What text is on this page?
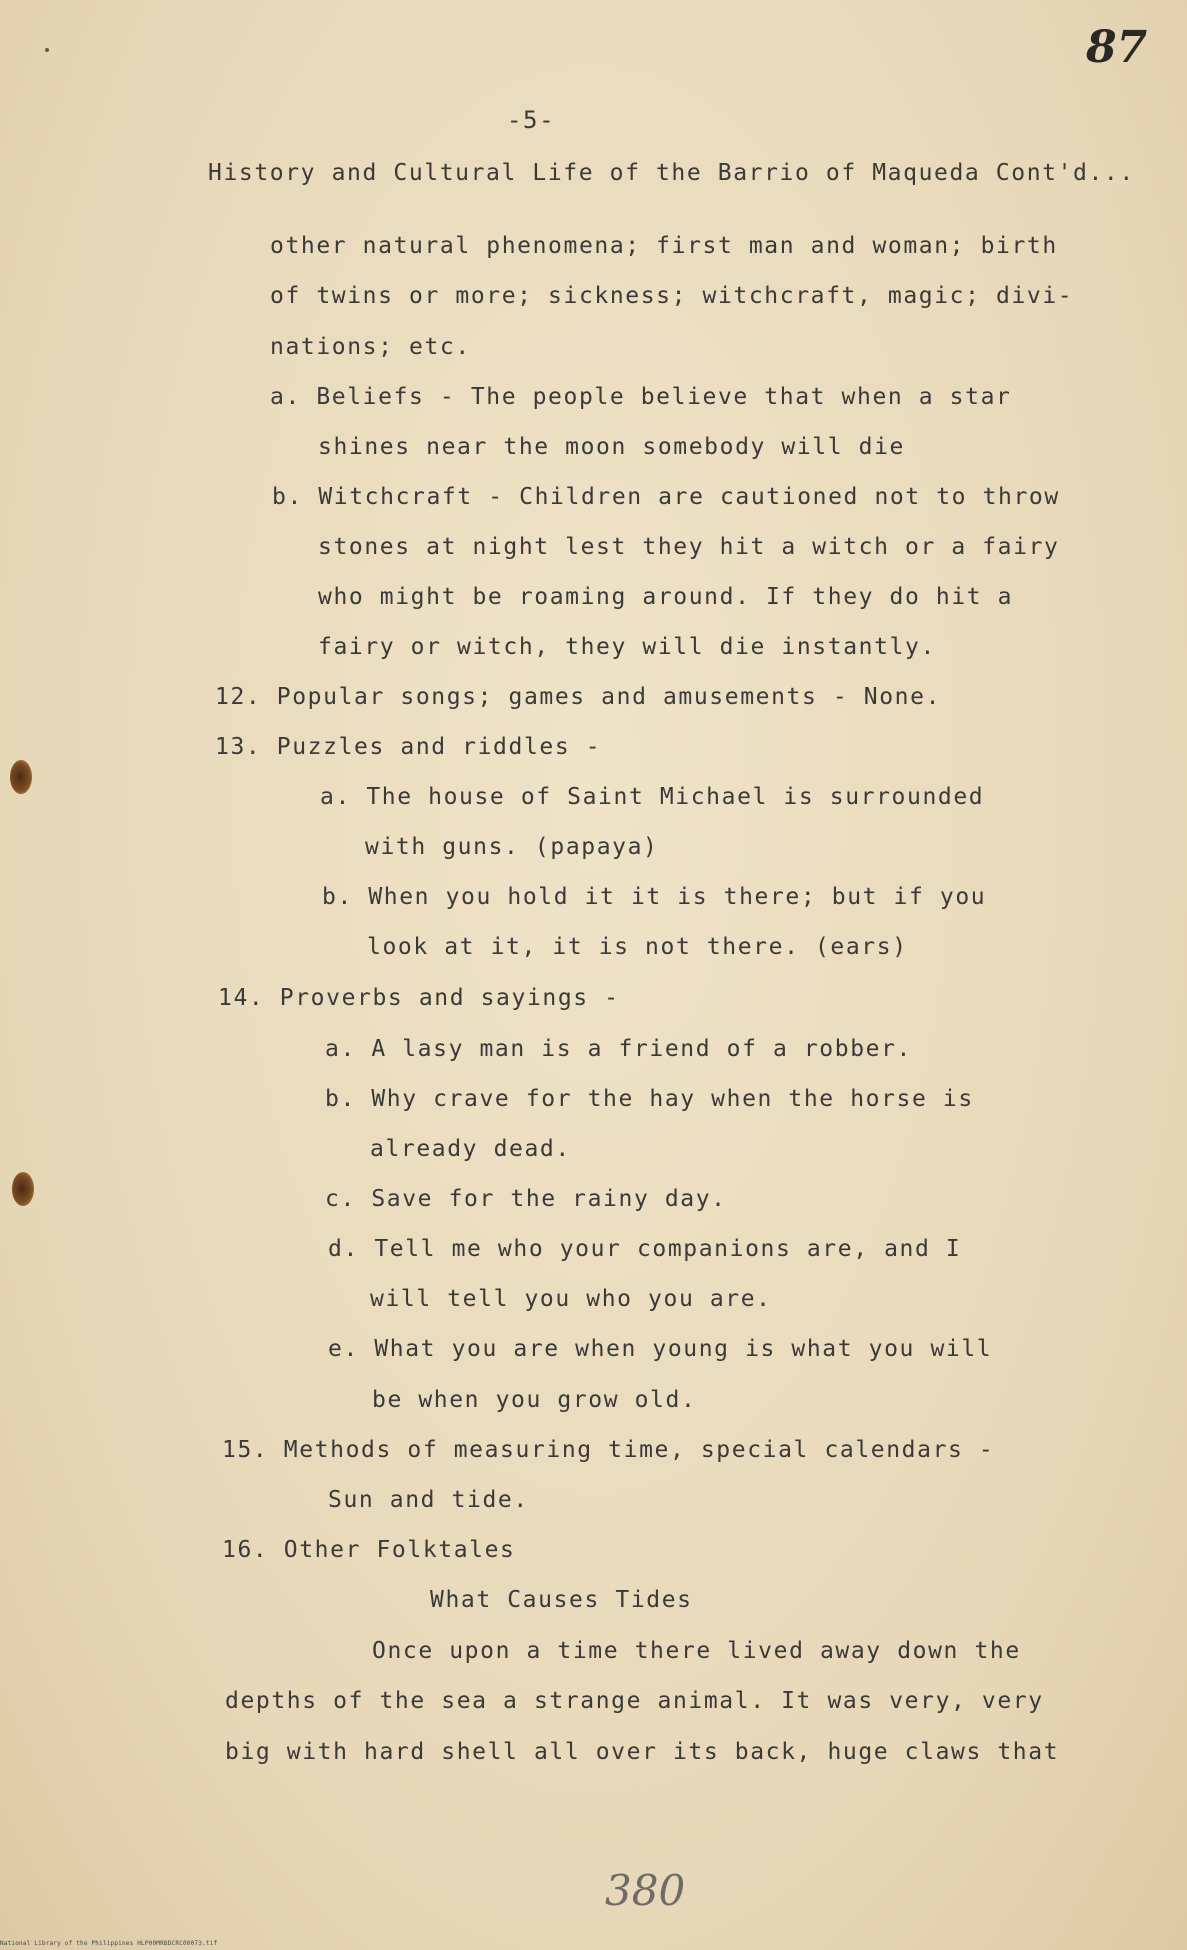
87
-5-
History and Cultural Life of the Barrio of Maqueda Cont'd...
other natural phenomena; first man and woman; birth
of twins or more; sickness; witchcraft, magic; divi-
nations; etc.
a. Beliefs - The people believe that when a star
shines near the moon somebody will die
b. Witchcraft - Children are cautioned not to throw
stones at night lest they hit a witch or a fairy
who might be roaming around. If they do hit a
fairy or witch, they will die instantly.
12. Popular songs; games and amusements - None.
13. Puzzles and riddles -
a. The house of Saint Michael is surrounded
with guns. (papaya)
b. When you hold it it is there; but if you
look at it, it is not there. (ears)
14. Proverbs and sayings -
a. A lasy man is a friend of a robber.
b. Why crave for the hay when the horse is
already dead.
c. Save for the rainy day.
d. Tell me who your companions are, and I
will tell you who you are.
e. What you are when young is what you will
be when you grow old.
15. Methods of measuring time, special calendars -
Sun and tide.
16. Other Folktales
What Causes Tides
Once upon a time there lived away down the
depths of the sea a strange animal. It was very, very
big with hard shell all over its back, huge claws that
380
National Library of the Philippines HLP00MRBDCRC00073.tif
